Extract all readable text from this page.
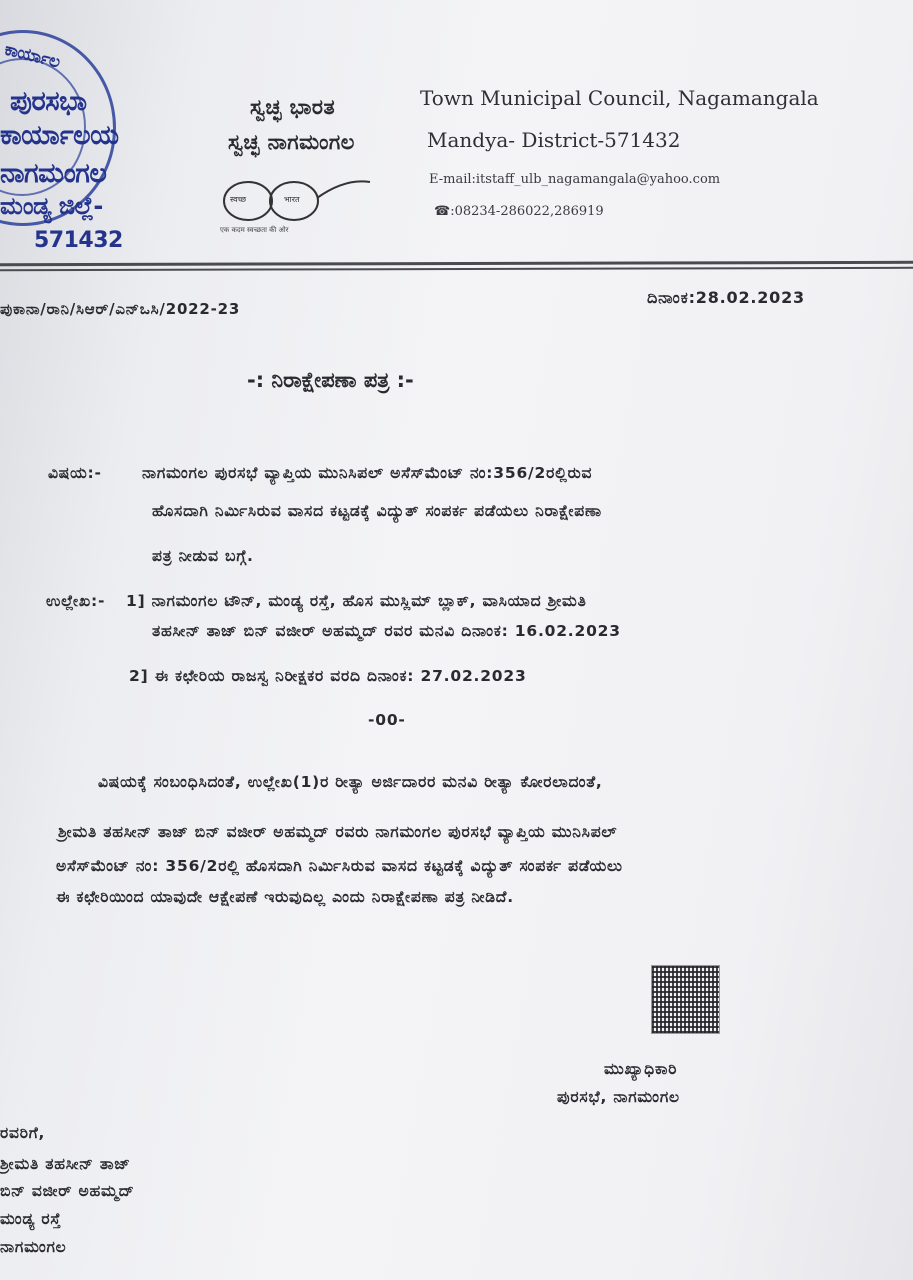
ಕಾರ್ಯಾಲ
ಪುರಸಭಾ
ಕಾರ್ಯಾಲಯ
ನಾಗಮಂಗಲ
ಮಂಡ್ಯ ಜಿಲ್ಲೆ-
571432
ಸ್ವಚ್ಛ ಭಾರತ
ಸ್ವಚ್ಛ ನಾಗಮಂಗಲ
स्वच्छ	भारत
एक कदम स्वच्छता की ओर
Town Municipal Council, Nagamangala
Mandya- District-571432
E-mail:itstaff_ulb_nagamangala@yahoo.com
☎:08234-286022,286919
ಪುಕಾನಾ/ರಾನಿ/ಸಿಆರ್/ಎನ್‌ಒಸಿ/2022-23
ದಿನಾಂಕ:28.02.2023
-: ನಿರಾಕ್ಷೇಪಣಾ ಪತ್ರ :-
ವಿಷಯ:-	ನಾಗಮಂಗಲ ಪುರಸಭೆ ವ್ಯಾಪ್ತಿಯ ಮುನಿಸಿಪಲ್ ಅಸೆಸ್‌ಮೆಂಟ್ ನಂ:356/2ರಲ್ಲಿರುವ
ಹೊಸದಾಗಿ ನಿರ್ಮಿಸಿರುವ ವಾಸದ ಕಟ್ಟಡಕ್ಕೆ ವಿದ್ಯುತ್ ಸಂಪರ್ಕ ಪಡೆಯಲು ನಿರಾಕ್ಷೇಪಣಾ
ಪತ್ರ ನೀಡುವ ಬಗ್ಗೆ.
ಉಲ್ಲೇಖ:- 1] ನಾಗಮಂಗಲ ಟೌನ್, ಮಂಡ್ಯ ರಸ್ತೆ, ಹೊಸ ಮುಸ್ಲಿಮ್ ಬ್ಲಾಕ್, ವಾಸಿಯಾದ ಶ್ರೀಮತಿ
ತಹಸೀನ್ ತಾಜ್ ಬಿನ್ ವಜೀರ್ ಅಹಮ್ಮದ್ ರವರ ಮನವಿ ದಿನಾಂಕ: 16.02.2023
2] ಈ ಕಛೇರಿಯ ರಾಜಸ್ವ ನಿರೀಕ್ಷಕರ ವರದಿ ದಿನಾಂಕ: 27.02.2023
-00-
ವಿಷಯಕ್ಕೆ ಸಂಬಂಧಿಸಿದಂತೆ, ಉಲ್ಲೇಖ(1)ರ ರೀತ್ಯಾ ಅರ್ಜಿದಾರರ ಮನವಿ ರೀತ್ಯಾ ಕೋರಲಾದಂತೆ,
ಶ್ರೀಮತಿ ತಹಸೀನ್ ತಾಜ್ ಬಿನ್ ವಜೀರ್ ಅಹಮ್ಮದ್ ರವರು ನಾಗಮಂಗಲ ಪುರಸಭೆ ವ್ಯಾಪ್ತಿಯ ಮುನಿಸಿಪಲ್
ಅಸೆಸ್‌ಮೆಂಟ್ ನಂ: 356/2ರಲ್ಲಿ ಹೊಸದಾಗಿ ನಿರ್ಮಿಸಿರುವ ವಾಸದ ಕಟ್ಟಡಕ್ಕೆ ವಿದ್ಯುತ್ ಸಂಪರ್ಕ ಪಡೆಯಲು
ಈ ಕಛೇರಿಯಿಂದ ಯಾವುದೇ ಆಕ್ಷೇಪಣೆ ಇರುವುದಿಲ್ಲ ಎಂದು ನಿರಾಕ್ಷೇಪಣಾ ಪತ್ರ ನೀಡಿದೆ.
ಮುಖ್ಯಾಧಿಕಾರಿ
ಪುರಸಭೆ, ನಾಗಮಂಗಲ
ರವರಿಗೆ,
ಶ್ರೀಮತಿ ತಹಸೀನ್ ತಾಜ್
ಬಿನ್ ವಜೀರ್ ಅಹಮ್ಮದ್
ಮಂಡ್ಯ ರಸ್ತೆ
ನಾಗಮಂಗಲ
